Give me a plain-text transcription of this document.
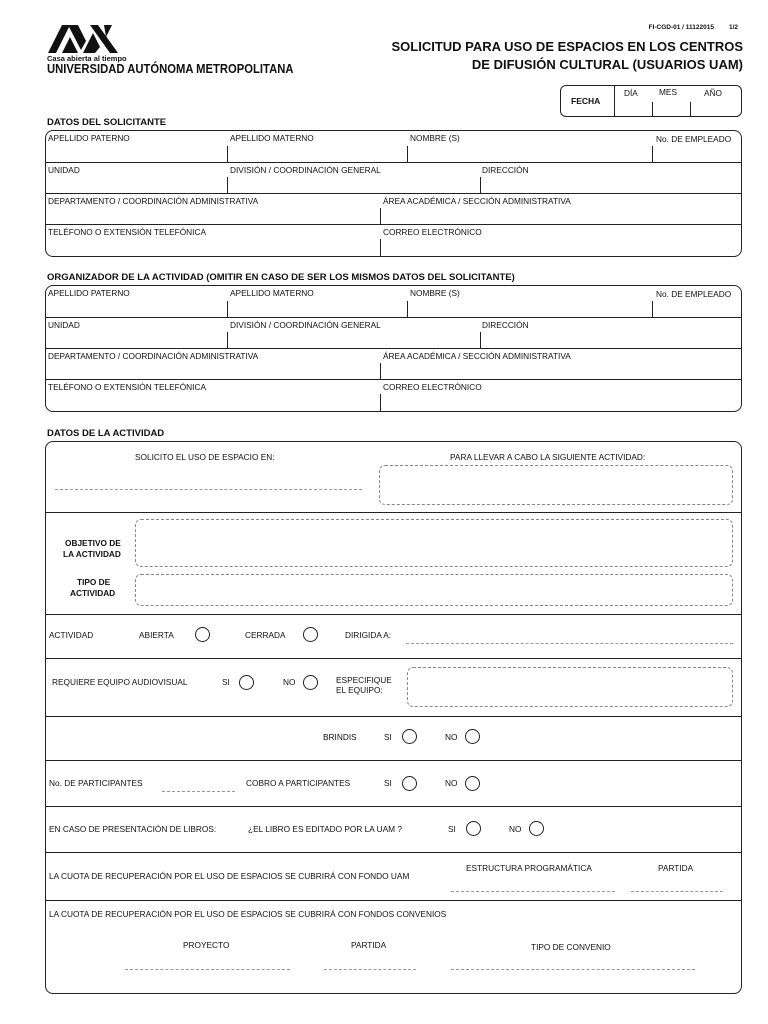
Casa abierta al tiempo
UNIVERSIDAD AUTÓNOMA METROPOLITANA
FI-CGD-01 / 11122015 1/2
SOLICITUD PARA USO DE ESPACIOS EN LOS CENTROS
DE DIFUSIÓN CULTURAL (USUARIOS UAM)
FECHA
DÍA	MES	AÑO
DATOS DEL SOLICITANTE
APELLIDO PATERNO	APELLIDO MATERNO	NOMBRE (S)	No. DE EMPLEADO
UNIDAD	DIVISIÓN / COORDINACIÓN GENERAL	DIRECCIÓN
DEPARTAMENTO / COORDINACIÓN ADMINISTRATIVA	ÁREA ACADÉMICA / SECCIÓN ADMINISTRATIVA
TELÉFONO O EXTENSIÓN TELEFÓNICA	CORREO ELECTRÓNICO
ORGANIZADOR DE LA ACTIVIDAD (OMITIR EN CASO DE SER LOS MISMOS DATOS DEL SOLICITANTE)
APELLIDO PATERNO	APELLIDO MATERNO	NOMBRE (S)	No. DE EMPLEADO
UNIDAD	DIVISIÓN / COORDINACIÓN GENERAL	DIRECCIÓN
DEPARTAMENTO / COORDINACIÓN ADMINISTRATIVA	ÁREA ACADÉMICA / SECCIÓN ADMINISTRATIVA
TELÉFONO O EXTENSIÓN TELEFÓNICA	CORREO ELECTRÓNICO
DATOS DE LA ACTIVIDAD
SOLICITO EL USO DE ESPACIO EN:	PARA LLEVAR A CABO LA SIGUIENTE ACTIVIDAD:
OBJETIVO DE
LA ACTIVIDAD
TIPO DE
ACTIVIDAD
ACTIVIDAD	ABIERTA	CERRADA	DIRIGIDA A:
REQUIERE EQUIPO AUDIOVISUAL	SI	NO	ESPECIFIQUE
EL EQUIPO:
BRINDIS	SI	NO
No. DE PARTICIPANTES	COBRO A PARTICIPANTES	SI	NO
EN CASO DE PRESENTACIÓN DE LIBROS:	¿EL LIBRO ES EDITADO POR LA UAM ?	SI	NO
LA CUOTA DE RECUPERACIÓN POR EL USO DE ESPACIOS SE CUBRIRÁ CON FONDO UAM
ESTRUCTURA PROGRAMÁTICA	PARTIDA
LA CUOTA DE RECUPERACIÓN POR EL USO DE ESPACIOS SE CUBRIRÁ CON FONDOS CONVENIOS
PROYECTO	PARTIDA	TIPO DE CONVENIO
